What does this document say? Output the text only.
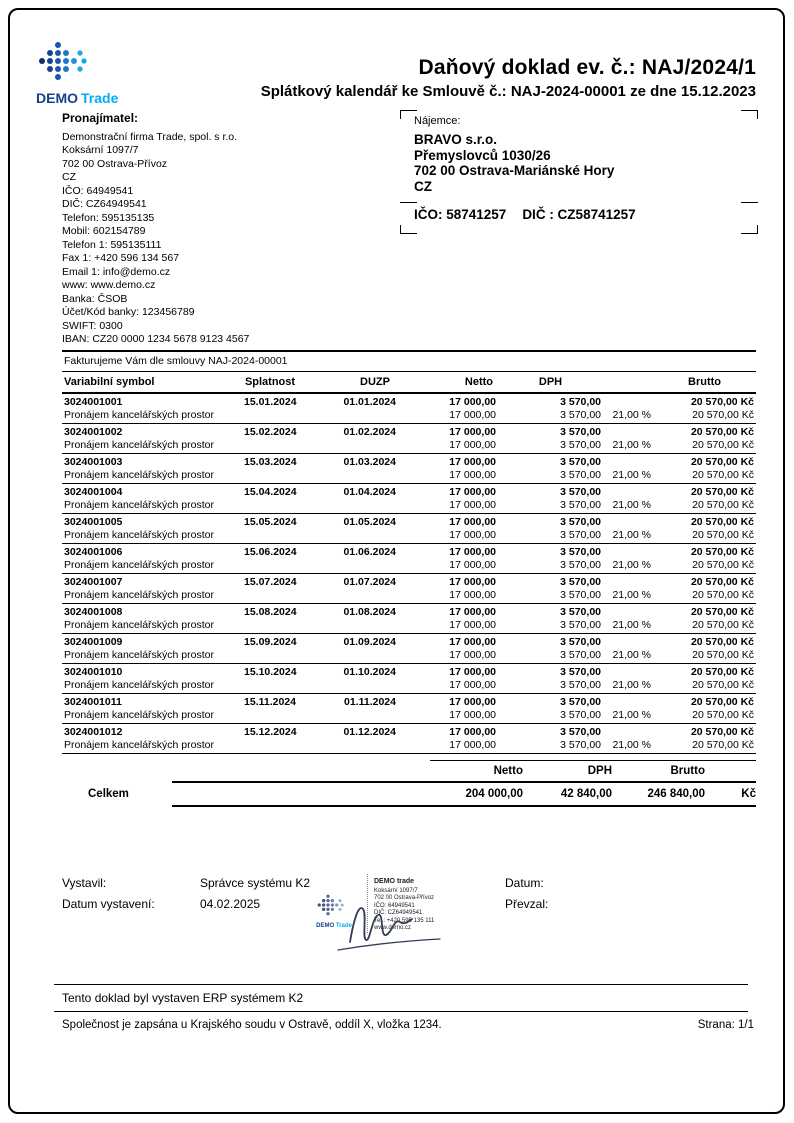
DEMO Trade
Daňový doklad ev. č.: NAJ/2024/1
Splátkový kalendář ke Smlouvě č.: NAJ-2024-00001 ze dne 15.12.2023
Pronajímatel:
Demonstrační firma Trade, spol. s r.o.
Koksární 1097/7
702 00 Ostrava-Přívoz
CZ
IČO: 64949541
DIČ: CZ64949541
Telefon: 595135135
Mobil: 602154789
Telefon 1: 595135111
Fax 1: +420 596 134 567
Email 1: info@demo.cz
www: www.demo.cz
Banka: ČSOB
Účet/Kód banky: 123456789
SWIFT: 0300
IBAN: CZ20 0000 1234 5678 9123 4567
Nájemce:
BRAVO s.r.o.
Přemyslovců 1030/26
702 00 Ostrava-Mariánské Hory
CZ
IČO: 58741257 DIČ : CZ58741257
Fakturujeme Vám dle smlouvy NAJ-2024-00001
Variabilní symbol	Splatnost	DUZP	Netto	DPH		Brutto
3024001001	15.01.2024	01.01.2024	17 000,00	3 570,00		20 570,00 Kč
Pronájem kancelářských prostor			17 000,00	3 570,00	21,00 %	20 570,00 Kč
3024001002	15.02.2024	01.02.2024	17 000,00	3 570,00		20 570,00 Kč
Pronájem kancelářských prostor			17 000,00	3 570,00	21,00 %	20 570,00 Kč
3024001003	15.03.2024	01.03.2024	17 000,00	3 570,00		20 570,00 Kč
Pronájem kancelářských prostor			17 000,00	3 570,00	21,00 %	20 570,00 Kč
3024001004	15.04.2024	01.04.2024	17 000,00	3 570,00		20 570,00 Kč
Pronájem kancelářských prostor			17 000,00	3 570,00	21,00 %	20 570,00 Kč
3024001005	15.05.2024	01.05.2024	17 000,00	3 570,00		20 570,00 Kč
Pronájem kancelářských prostor			17 000,00	3 570,00	21,00 %	20 570,00 Kč
3024001006	15.06.2024	01.06.2024	17 000,00	3 570,00		20 570,00 Kč
Pronájem kancelářských prostor			17 000,00	3 570,00	21,00 %	20 570,00 Kč
3024001007	15.07.2024	01.07.2024	17 000,00	3 570,00		20 570,00 Kč
Pronájem kancelářských prostor			17 000,00	3 570,00	21,00 %	20 570,00 Kč
3024001008	15.08.2024	01.08.2024	17 000,00	3 570,00		20 570,00 Kč
Pronájem kancelářských prostor			17 000,00	3 570,00	21,00 %	20 570,00 Kč
3024001009	15.09.2024	01.09.2024	17 000,00	3 570,00		20 570,00 Kč
Pronájem kancelářských prostor			17 000,00	3 570,00	21,00 %	20 570,00 Kč
3024001010	15.10.2024	01.10.2024	17 000,00	3 570,00		20 570,00 Kč
Pronájem kancelářských prostor			17 000,00	3 570,00	21,00 %	20 570,00 Kč
3024001011	15.11.2024	01.11.2024	17 000,00	3 570,00		20 570,00 Kč
Pronájem kancelářských prostor			17 000,00	3 570,00	21,00 %	20 570,00 Kč
3024001012	15.12.2024	01.12.2024	17 000,00	3 570,00		20 570,00 Kč
Pronájem kancelářských prostor			17 000,00	3 570,00	21,00 %	20 570,00 Kč
Netto	DPH	Brutto
Celkem	204 000,00	42 840,00	246 840,00	Kč
Vystavil:	Správce systému K2	Datum:
Datum vystavení:	04.02.2025	Převzal:
DEMO Trade
DEMO trade
Koksární 1097/7
702 00 Ostrava-Přívoz
IČO: 64949541
DIČ: CZ64949541
Tel.: +420 595 135 111
www.demo.cz
Tento doklad byl vystaven ERP systémem K2
Společnost je zapsána u Krajského soudu v Ostravě, oddíl X, vložka 1234.	Strana: 1/1
